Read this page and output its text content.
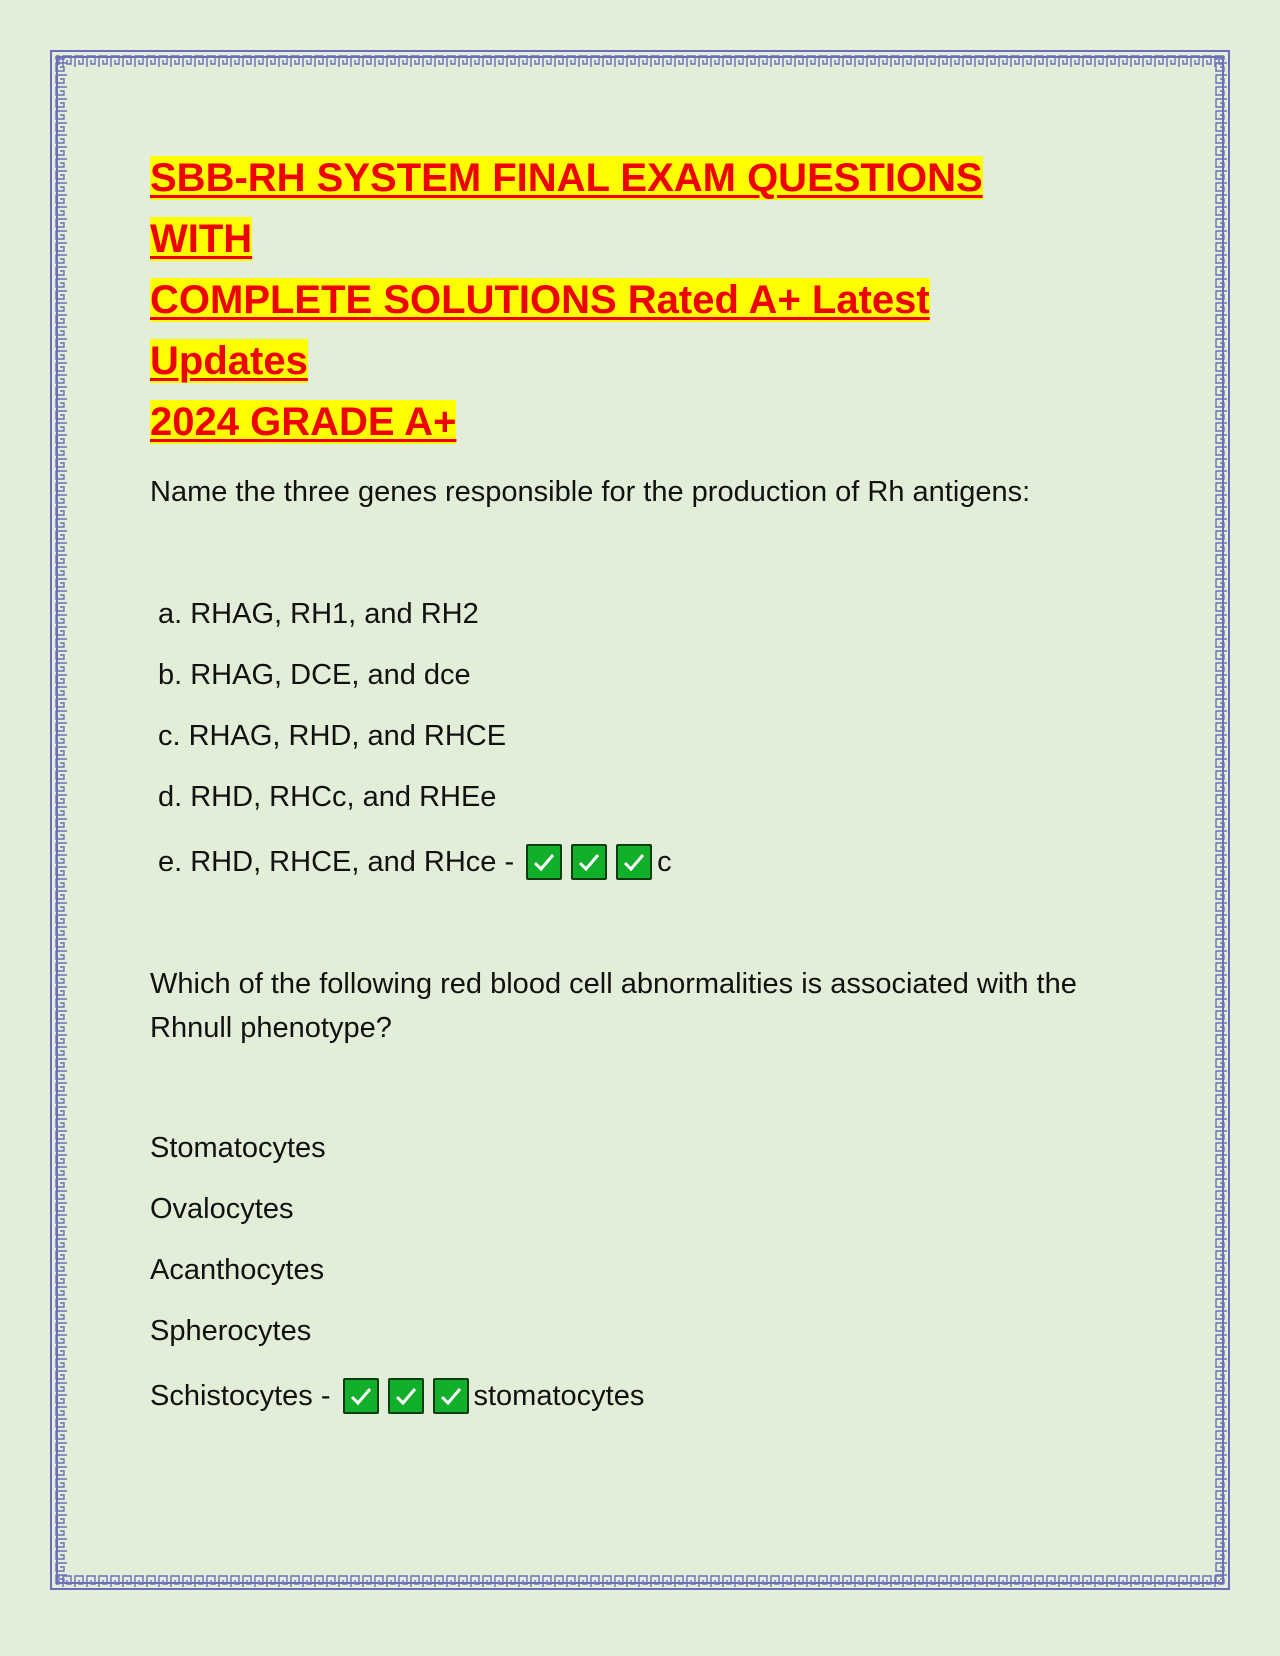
SBB-RH SYSTEM FINAL EXAM QUESTIONS WITH
COMPLETE SOLUTIONS Rated A+ Latest Updates
2024 GRADE A+

Name the three genes responsible for the production of Rh antigens:

a. RHAG, RH1, and RH2
b. RHAG, DCE, and dce
c. RHAG, RHD, and RHCE
d. RHD, RHCc, and RHEe
e. RHD, RHCE, and RHce -	c

Which of the following red blood cell abnormalities is associated with the Rhnull phenotype?

Stomatocytes
Ovalocytes
Acanthocytes
Spherocytes
Schistocytes -	stomatocytes
